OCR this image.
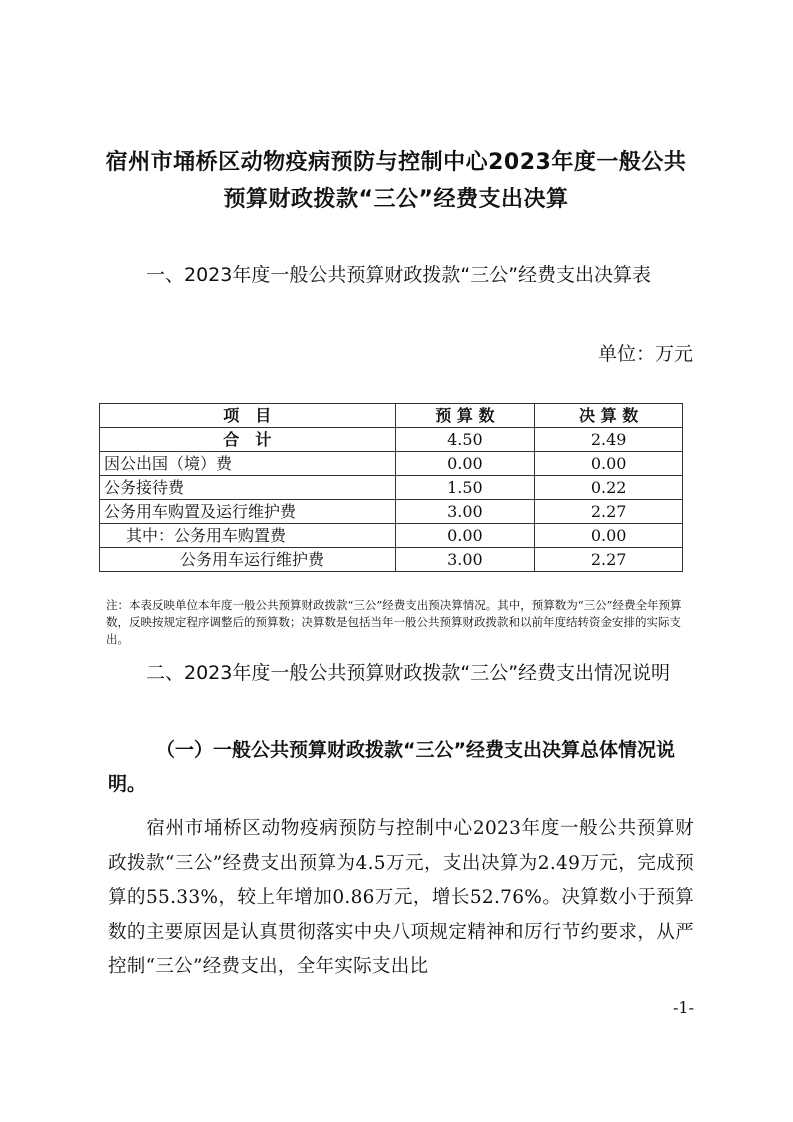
宿州市埇桥区动物疫病预防与控制中心2023年度一般公共预算财政拨款“三公”经费支出决算
一、2023年度一般公共预算财政拨款“三公”经费支出决算表
单位：万元
项　目	预 算 数	决 算 数
合　计	4.50	2.49
因公出国（境）费	0.00	0.00
公务接待费	1.50	0.22
公务用车购置及运行维护费	3.00	2.27
其中：公务用车购置费	0.00	0.00
公务用车运行维护费	3.00	2.27
注：本表反映单位本年度一般公共预算财政拨款“三公”经费支出预决算情况。其中，预算数为“三公”经费全年预算数，反映按规定程序调整后的预算数；决算数是包括当年一般公共预算财政拨款和以前年度结转资金安排的实际支出。
二、2023年度一般公共预算财政拨款“三公”经费支出情况说明
（一）一般公共预算财政拨款“三公”经费支出决算总体情况说明。
宿州市埇桥区动物疫病预防与控制中心2023年度一般公共预算财政拨款“三公”经费支出预算为4.5万元，支出决算为2.49万元，完成预算的55.33%，较上年增加0.86万元，增长52.76%。决算数小于预算数的主要原因是认真贯彻落实中央八项规定精神和厉行节约要求，从严控制“三公”经费支出，全年实际支出比
-1-
